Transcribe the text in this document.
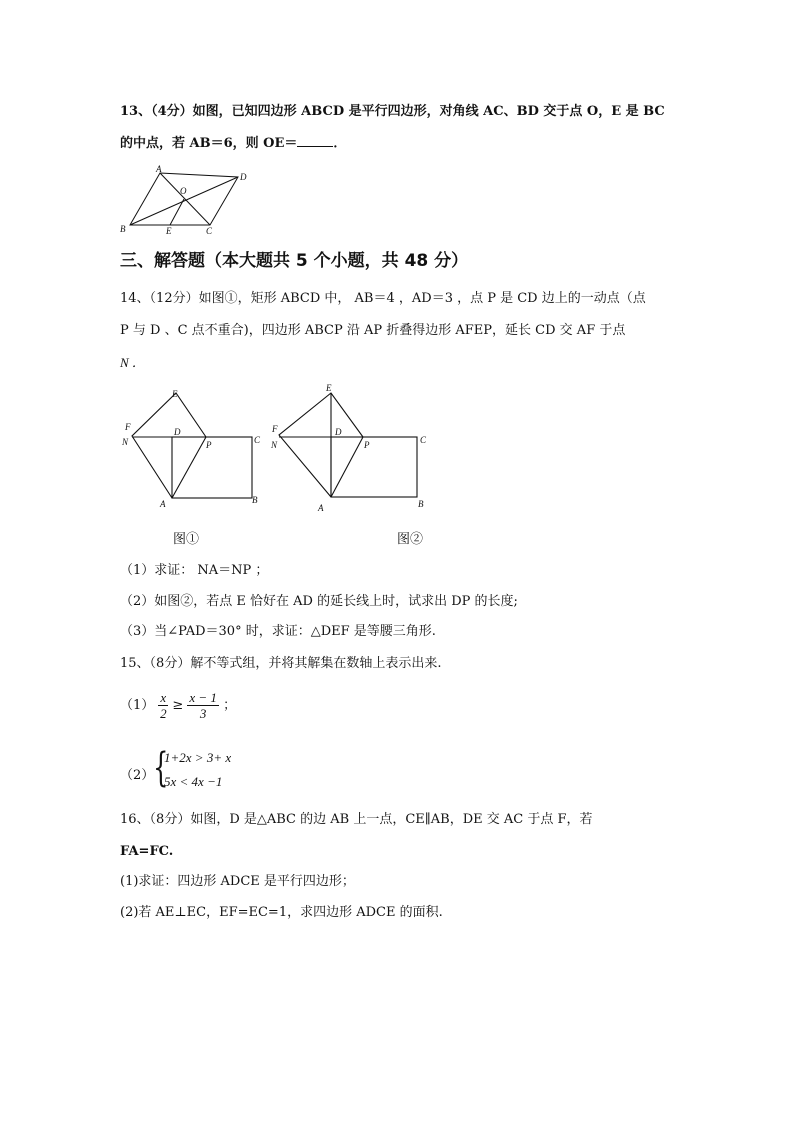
13、（4分）如图，已知四边形 ABCD 是平行四边形，对角线 AC、BD 交于点 O，E 是 BC
的中点，若 AB＝6，则 OE＝	．
A
D
B	E	C
O
三、解答题（本大题共 5 个小题，共 48 分）
14、（12分）如图①，矩形 ABCD 中， AB＝4 ，AD＝3 ，点 P 是 CD 边上的一动点（点
P 与 D 、C 点不重合)，四边形 ABCP 沿 AP 折叠得边形 AFEP，延长 CD 交 AF 于点
N ．
E
F
N
D
P	C
A	B
E
F
N
D
P	C
A	B
图①	图②
（1）求证： NA＝NP ；
（2）如图②，若点 E 恰好在 AD 的延长线上时，试求出 DP 的长度;
（3）当∠PAD＝30° 时，求证：△DEF 是等腰三角形.
15、（8分）解不等式组，并将其解集在数轴上表示出来.
$(1) \frac{x}{2} \ge \frac{x - 1}{3}$ ；
（2）
{
1+2x > 3+ x
5x < 4x −1
16、（8分）如图，D 是△ABC 的边 AB 上一点，CE∥AB，DE 交 AC 于点 F，若
FA=FC.
(1)求证：四边形 ADCE 是平行四边形；
(2)若 AE⊥EC，EF=EC=1，求四边形 ADCE 的面积.
